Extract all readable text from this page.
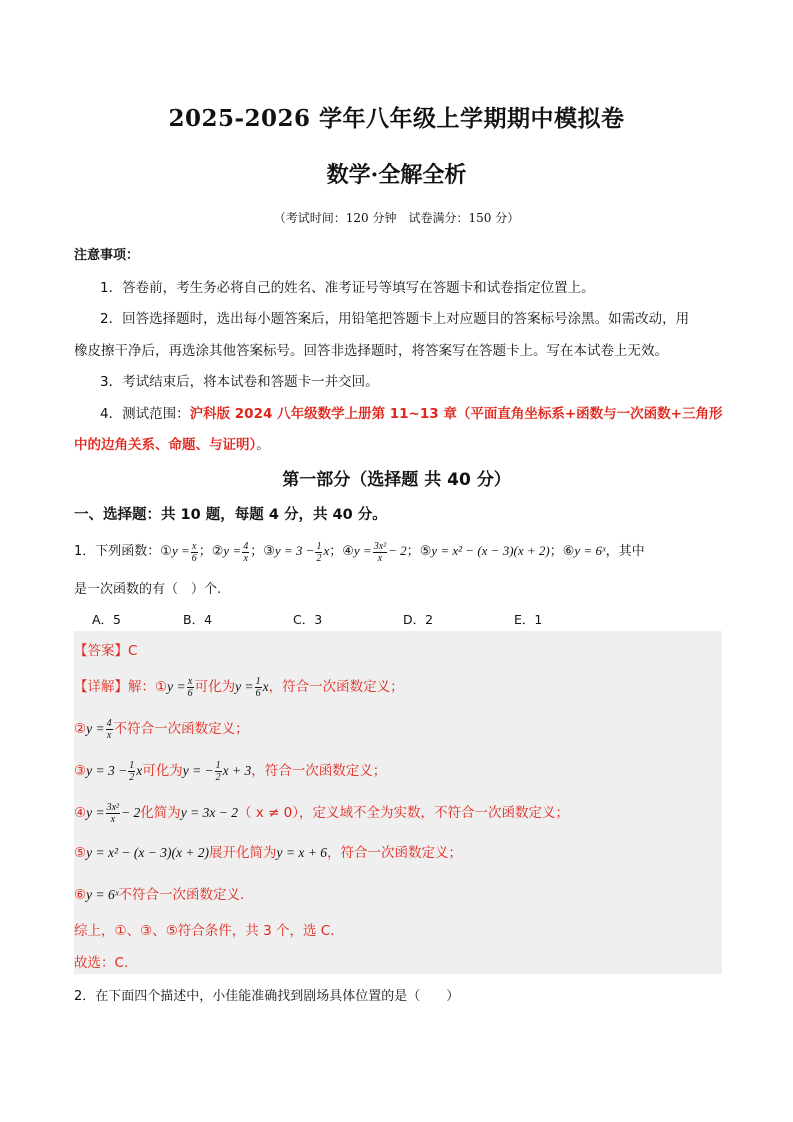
2025-2026 学年八年级上学期期中模拟卷
数学·全解全析
（考试时间：120 分钟　试卷满分：150 分）
注意事项：
1．答卷前，考生务必将自己的姓名、准考证号等填写在答题卡和试卷指定位置上。
2．回答选择题时，选出每小题答案后，用铅笔把答题卡上对应题目的答案标号涂黑。如需改动，用
橡皮擦干净后，再选涂其他答案标号。回答非选择题时，将答案写在答题卡上。写在本试卷上无效。
3．考试结束后，将本试卷和答题卡一并交回。
4．测试范围：沪科版 2024 八年级数学上册第 11~13 章（平面直角坐标系+函数与一次函数+三角形
中的边角关系、命题、与证明）。
第一部分（选择题 共 40 分）
一、选择题：共 10 题，每题 4 分，共 40 分。
1．下列函数：①y = $\frac{x}{6}$ ；②y = $\frac{4}{x}$ ；③y = $3 - \frac{1}{2}$ x；④y = $\frac{\text{3x²}}{x} - 2$；⑤y = x² − (x − 3)(x + 2)；⑥y = 6ˣ，其中
是一次函数的有（　）个.
A．5	B．4	C．3	D．2	E．1
【答案】C
【详解】解：①y = $\frac{x}{6}$ 可化为$y = \frac{1}{6}$ x，符合一次函数定义；
②y = $\frac{4}{x}$ 不符合一次函数定义；
③y = $3 - \frac{1}{2}$ x可化为y = − $\frac{1}{2}$ x + 3，符合一次函数定义；
④y = $\frac{\text{3x²}}{x} - 2$化简为y = 3x − 2（ x ≠ 0），定义域不全为实数，不符合一次函数定义；
⑤y = x² − (x − 3)(x + 2)展开化简为y = x + 6，符合一次函数定义；
⑥y = 6ˣ不符合一次函数定义.
综上，①、③、⑤符合条件，共 3 个，选 C.
故选：C.
2．在下面四个描述中，小佳能准确找到剧场具体位置的是（　　）
